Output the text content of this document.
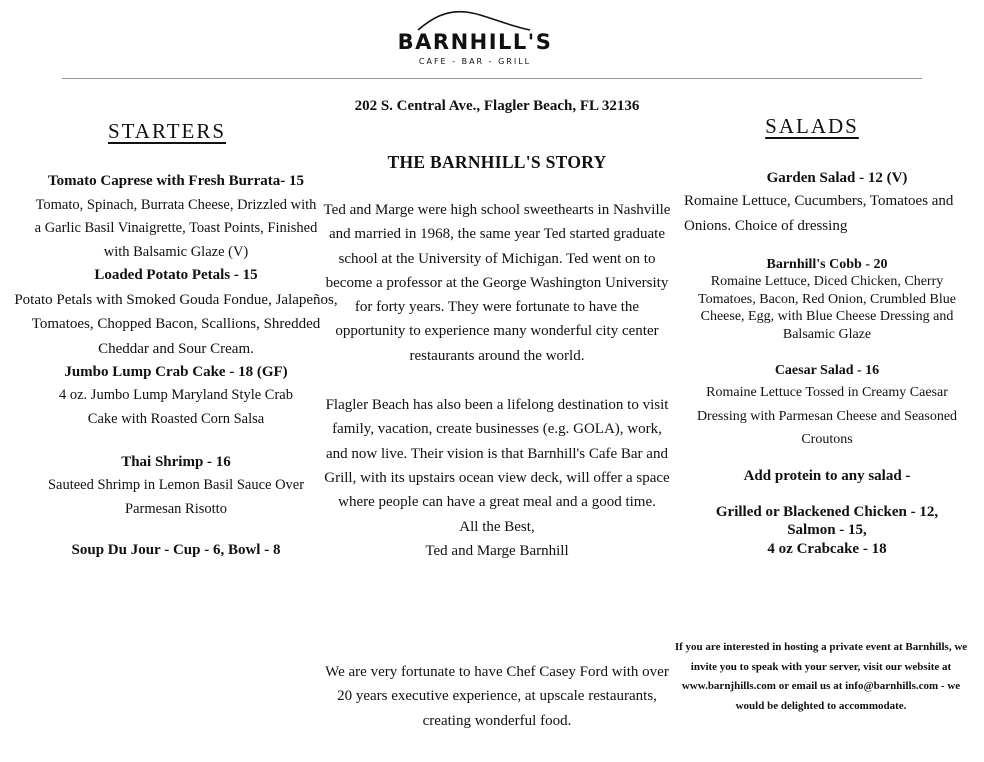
BARNHILL'S
CAFE - BAR - GRILL
STARTERS
Tomato Caprese with Fresh Burrata- 15
Tomato, Spinach, Burrata Cheese, Drizzled with a Garlic Basil Vinaigrette, Toast Points, Finished with Balsamic Glaze (V)
Loaded Potato Petals - 15
Potato Petals with Smoked Gouda Fondue, Jalapeños, Tomatoes, Chopped Bacon, Scallions, Shredded Cheddar and Sour Cream.
Jumbo Lump Crab Cake - 18 (GF)
4 oz. Jumbo Lump Maryland Style Crab Cake with Roasted Corn Salsa
Thai Shrimp - 16
Sauteed Shrimp in Lemon Basil Sauce Over Parmesan Risotto
Soup Du Jour - Cup - 6, Bowl - 8
202 S. Central Ave., Flagler Beach, FL 32136
THE BARNHILL'S STORY
Ted and Marge were high school sweethearts in Nashville and married in 1968, the same year Ted started graduate school at the University of Michigan. Ted went on to become a professor at the George Washington University for forty years. They were fortunate to have the opportunity to experience many wonderful city center restaurants around the world.
Flagler Beach has also been a lifelong destination to visit family, vacation, create businesses (e.g. GOLA), work, and now live. Their vision is that Barnhill's Cafe Bar and Grill, with its upstairs ocean view deck, will offer a space where people can have a great meal and a good time.
All the Best,
Ted and Marge Barnhill
We are very fortunate to have Chef Casey Ford with over 20 years executive experience, at upscale restaurants, creating wonderful food.
SALADS
Garden Salad - 12 (V)
Romaine Lettuce, Cucumbers, Tomatoes and Onions. Choice of dressing
Barnhill's Cobb - 20
Romaine Lettuce, Diced Chicken, Cherry Tomatoes, Bacon, Red Onion, Crumbled Blue Cheese, Egg, with Blue Cheese Dressing and Balsamic Glaze
Caesar Salad - 16
Romaine Lettuce Tossed in Creamy Caesar Dressing with Parmesan Cheese and Seasoned Croutons
Add protein to any salad -
Grilled or Blackened Chicken - 12,
Salmon - 15,
4 oz Crabcake - 18
If you are interested in hosting a private event at Barnhills, we invite you to speak with your server, visit our website at www.barnjhills.com or email us at info@barnhills.com - we would be delighted to accommodate.
